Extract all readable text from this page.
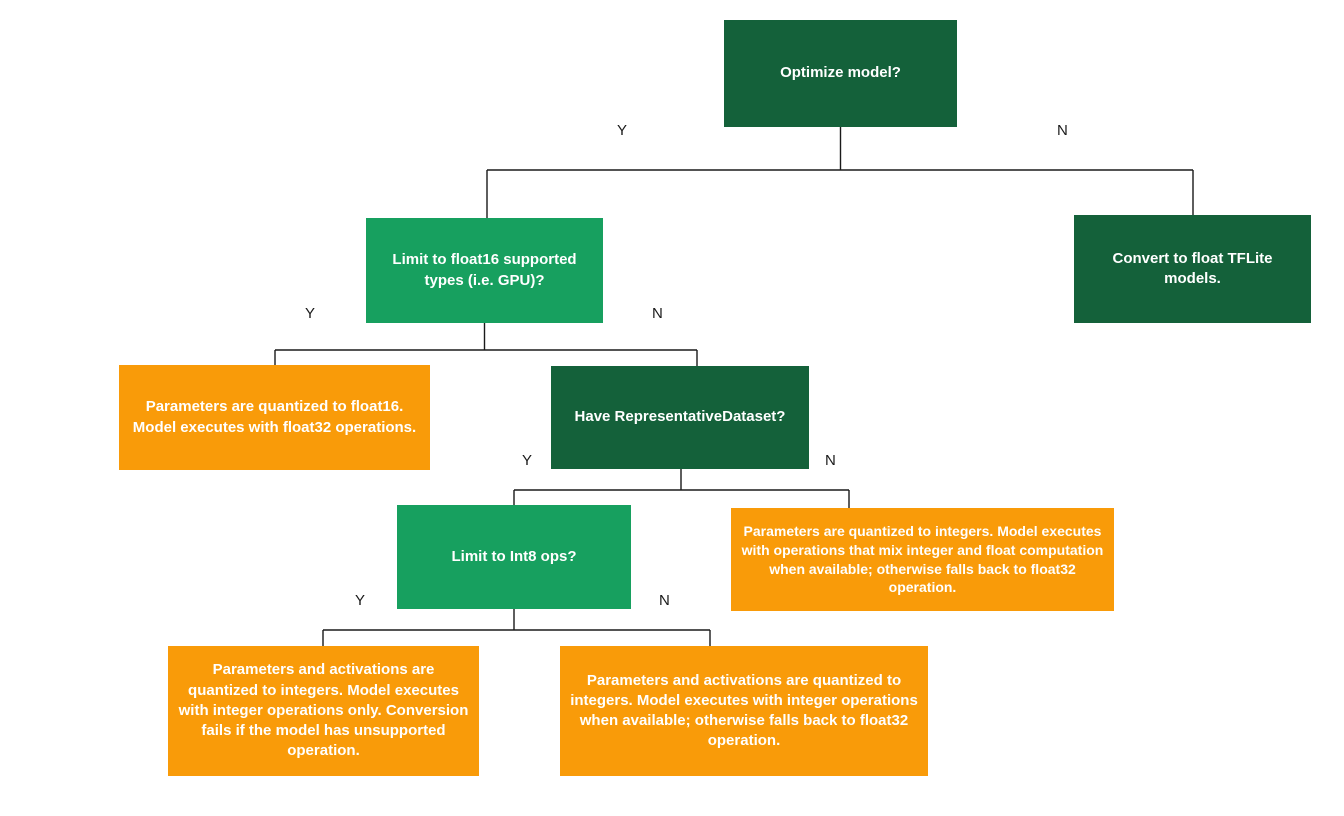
Optimize model?
Limit to float16 supported types (i.e. GPU)?
Convert to float TFLite models.
Parameters are quantized to float16. Model executes with float32 operations.
Have RepresentativeDataset?
Parameters are quantized to integers. Model executes with operations that mix integer and float computation when available; otherwise falls back to float32 operation.
Limit to Int8 ops?
Parameters and activations are quantized to integers. Model executes with integer operations only. Conversion fails if the model has unsupported operation.
Parameters and activations are quantized to integers. Model executes with integer operations when available; otherwise falls back to float32 operation.
Y	N
Y	N
Y	N
Y	N
